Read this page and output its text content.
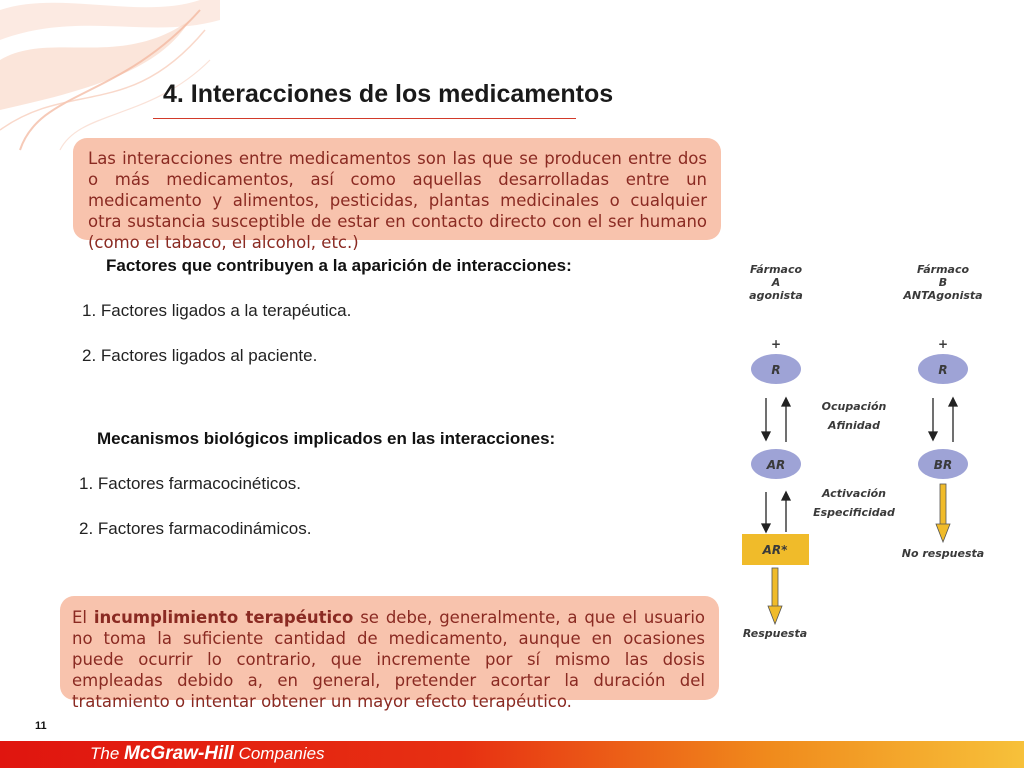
4. Interacciones de los medicamentos
Las interacciones entre medicamentos son las que se producen entre dos o más medicamentos, así como aquellas desarrolladas entre un medicamento y alimentos, pesticidas, plantas medicinales o cualquier otra sustancia susceptible de estar en contacto directo con el ser humano (como el tabaco, el alcohol, etc.)
Factores que contribuyen a la aparición de interacciones:
1. Factores ligados a la terapéutica.
2. Factores ligados al paciente.
Mecanismos biológicos implicados en las interacciones:
1. Factores farmacocinéticos.
2. Factores farmacodinámicos.
El incumplimiento terapéutico se debe, generalmente, a que el usuario no toma la suficiente cantidad de medicamento, aunque en ocasiones puede ocurrir lo contrario, que incremente por sí mismo las dosis empleadas debido a, en general, pretender acortar la duración del tratamiento o intentar obtener un mayor efecto terapéutico.
Fármaco
A
agonista
Fármaco
B
ANTAgonista
+	+
R	R
Ocupación
Afinidad
AR	BR
Activación
Especificidad
AR*
Respuesta
No respuesta
11
The McGraw-Hill Companies
